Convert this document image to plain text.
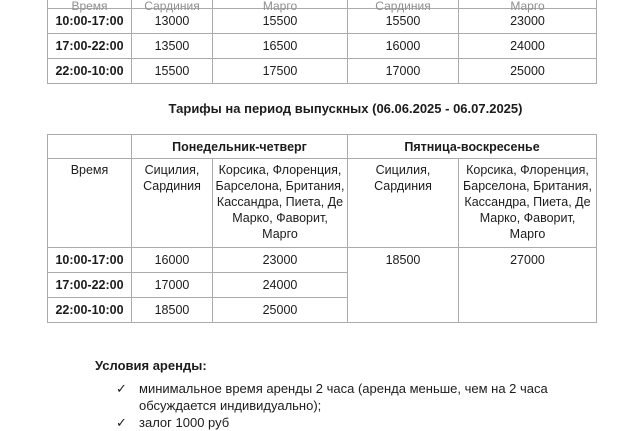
Время	Сардиния	Марго	Сардиния	Марго

10:00-17:00	13000	15500	15500	23000
17:00-22:00	13500	16500	16000	24000
22:00-10:00	15500	17500	17000	25000
Тарифы на период выпускных (06.06.2025 - 06.07.2025)
	Понедельник-четверг		Пятница-воскресенье	
Время	Сицилия, Сардиния	Корсика, Флоренция, Барселона, Британия, Кассандра, Пиета, Де Марко, Фаворит, Марго	Сицилия, Сардиния	Корсика, Флоренция, Барселона, Британия, Кассандра, Пиета, Де Марко, Фаворит, Марго
10:00-17:00	16000	23000	18500	27000
17:00-22:00	17000	24000		
22:00-10:00	18500	25000		
Условия аренды:
✓ минимальное время аренды 2 часа (аренда меньше, чем на 2 часа обсуждается индивидуально);
✓ залог 1000 руб
